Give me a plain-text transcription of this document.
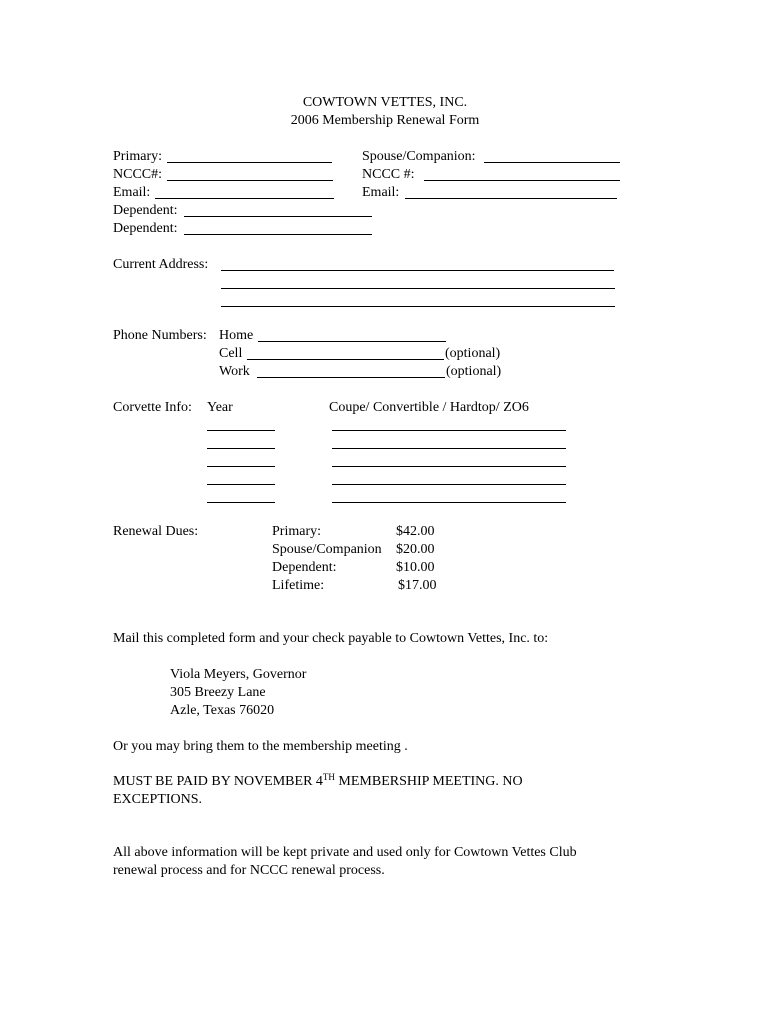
COWTOWN VETTES, INC.
2006 Membership Renewal Form
Primary:
NCCC#:
Email:
Dependent:
Dependent:
Spouse/Companion:
NCCC #:
Email:
Current Address:
Phone Numbers: Home
Cell	(optional)
Work	(optional)
Corvette Info: Year	Coupe/ Convertible / Hardtop/ ZO6
Renewal Dues:	Primary:	$42.00
Spouse/Companion $20.00
Dependent:	$10.00
Lifetime:	$17.00
Mail this completed form and your check payable to Cowtown Vettes, Inc. to:
Viola Meyers, Governor
305 Breezy Lane
Azle, Texas 76020
Or you may bring them to the membership meeting .
MUST BE PAID BY NOVEMBER 4TH MEMBERSHIP MEETING. NO
EXCEPTIONS.
All above information will be kept private and used only for Cowtown Vettes Club
renewal process and for NCCC renewal process.
